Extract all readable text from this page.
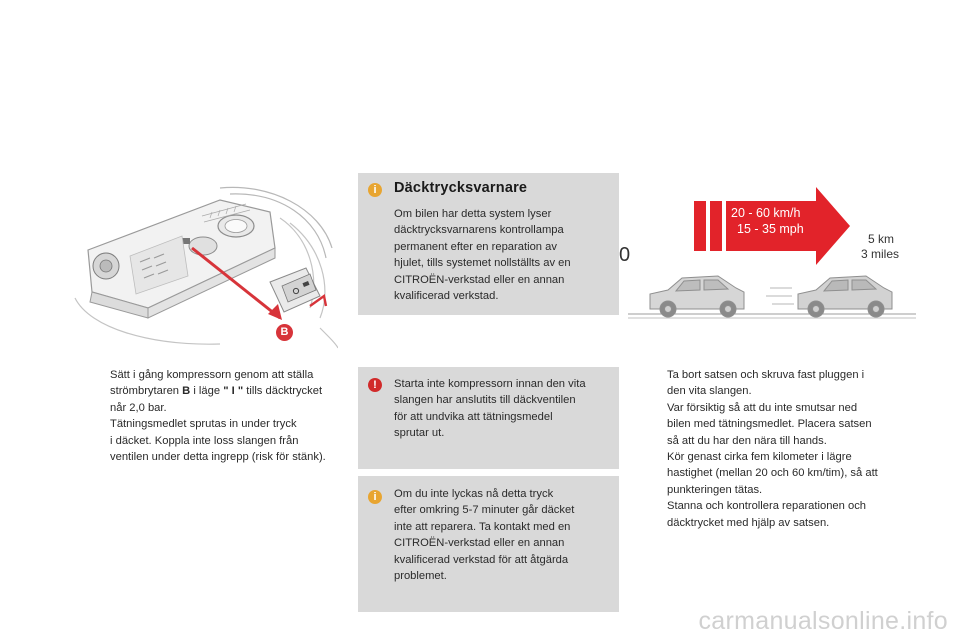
B
i	Däcktrycksvarnare
Om bilen har detta system lyser
däcktrycksvarnarens kontrollampa
permanent efter en reparation av
hjulet, tills systemet nollställts av en
CITROËN-verkstad eller en annan
kvalificerad verkstad.
!	Starta inte kompressorn innan den vita
slangen har anslutits till däckventilen
för att undvika att tätningsmedel
sprutar ut.
i	Om du inte lyckas nå detta tryck
efter omkring 5-7 minuter går däcket
inte att reparera. Ta kontakt med en
CITROËN-verkstad eller en annan
kvalificerad verkstad för att åtgärda
problemet.
Sätt i gång kompressorn genom att ställa
strömbrytaren B i läge " I " tills däcktrycket
når 2,0 bar.
Tätningsmedlet sprutas in under tryck
i däcket. Koppla inte loss slangen från
ventilen under detta ingrepp (risk för stänk).
20 - 60 km/h
15 - 35 mph
0
5 km
3 miles
Ta bort satsen och skruva fast pluggen i
den vita slangen.
Var försiktig så att du inte smutsar ned
bilen med tätningsmedlet. Placera satsen
så att du har den nära till hands.
Kör genast cirka fem kilometer i lägre
hastighet (mellan 20 och 60 km/tim), så att
punkteringen tätas.
Stanna och kontrollera reparationen och
däcktrycket med hjälp av satsen.
carmanualsonline.info
